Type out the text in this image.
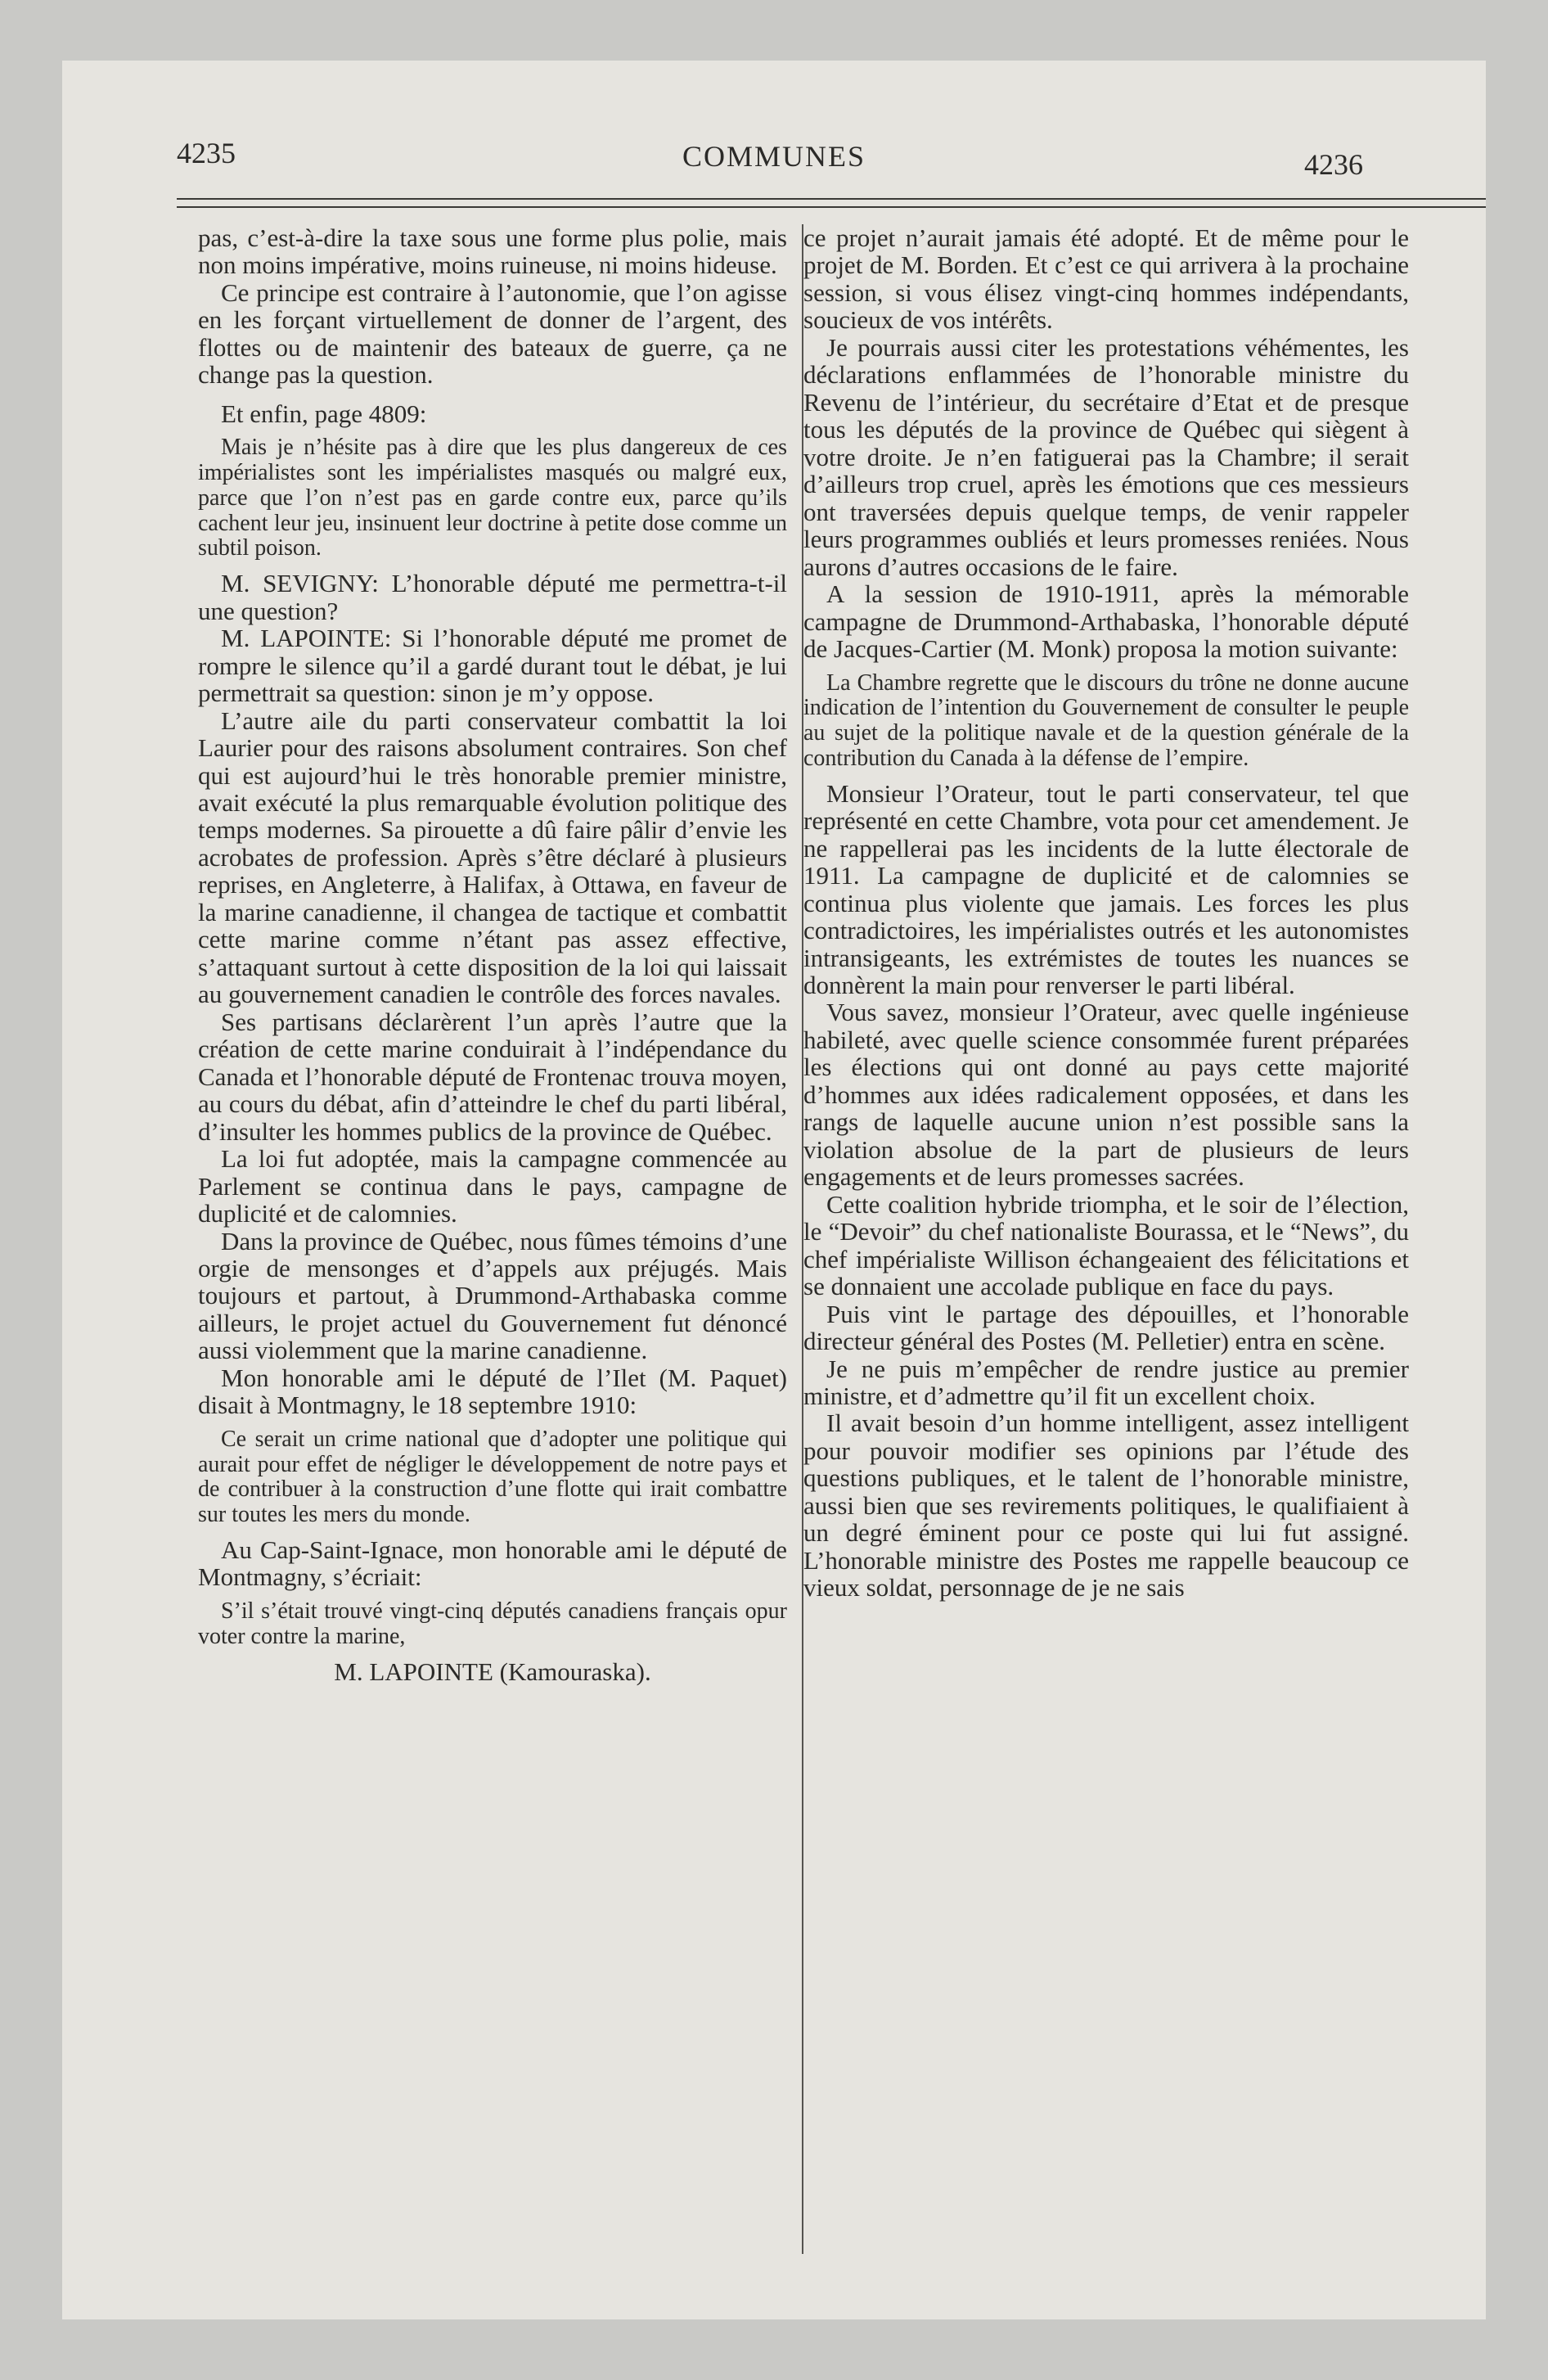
4235	COMMUNES	4236

pas, c’est-à-dire la taxe sous une forme plus polie, mais non moins impérative, moins ruineuse, ni moins hideuse.

Ce principe est contraire à l’autonomie, que l’on agisse en les forçant virtuellement de donner de l’argent, des flottes ou de maintenir des bateaux de guerre, ça ne change pas la question.

Et enfin, page 4809:

Mais je n’hésite pas à dire que les plus dangereux de ces impérialistes sont les impérialistes masqués ou malgré eux, parce que l’on n’est pas en garde contre eux, parce qu’ils cachent leur jeu, insinuent leur doctrine à petite dose comme un subtil poison.

M. SEVIGNY: L’honorable député me permettra-t-il une question?

M. LAPOINTE: Si l’honorable député me promet de rompre le silence qu’il a gardé durant tout le débat, je lui permettrait sa question: sinon je m’y oppose.

L’autre aile du parti conservateur combattit la loi Laurier pour des raisons absolument contraires. Son chef qui est aujourd’hui le très honorable premier ministre, avait exécuté la plus remarquable évolution politique des temps modernes. Sa pirouette a dû faire pâlir d’envie les acrobates de profession. Après s’être déclaré à plusieurs reprises, en Angleterre, à Halifax, à Ottawa, en faveur de la marine canadienne, il changea de tactique et combattit cette marine comme n’étant pas assez effective, s’attaquant surtout à cette disposition de la loi qui laissait au gouvernement canadien le contrôle des forces navales.

Ses partisans déclarèrent l’un après l’autre que la création de cette marine conduirait à l’indépendance du Canada et l’honorable député de Frontenac trouva moyen, au cours du débat, afin d’atteindre le chef du parti libéral, d’insulter les hommes publics de la province de Québec.

La loi fut adoptée, mais la campagne commencée au Parlement se continua dans le pays, campagne de duplicité et de calomnies.

Dans la province de Québec, nous fûmes témoins d’une orgie de mensonges et d’appels aux préjugés. Mais toujours et partout, à Drummond-Arthabaska comme ailleurs, le projet actuel du Gouvernement fut dénoncé aussi violemment que la marine canadienne.

Mon honorable ami le député de l’Ilet (M. Paquet) disait à Montmagny, le 18 septembre 1910:

Ce serait un crime national que d’adopter une politique qui aurait pour effet de négliger le développement de notre pays et de contribuer à la construction d’une flotte qui irait combattre sur toutes les mers du monde.

Au Cap-Saint-Ignace, mon honorable ami le député de Montmagny, s’écriait:

S’il s’était trouvé vingt-cinq députés canadiens français opur voter contre la marine,

M. LAPOINTE (Kamouraska).

ce projet n’aurait jamais été adopté. Et de même pour le projet de M. Borden. Et c’est ce qui arrivera à la prochaine session, si vous élisez vingt-cinq hommes indépendants, soucieux de vos intérêts.

Je pourrais aussi citer les protestations véhémentes, les déclarations enflammées de l’honorable ministre du Revenu de l’intérieur, du secrétaire d’Etat et de presque tous les députés de la province de Québec qui siègent à votre droite. Je n’en fatiguerai pas la Chambre; il serait d’ailleurs trop cruel, après les émotions que ces messieurs ont traversées depuis quelque temps, de venir rappeler leurs programmes oubliés et leurs promesses reniées. Nous aurons d’autres occasions de le faire.

A la session de 1910-1911, après la mémorable campagne de Drummond-Arthabaska, l’honorable député de Jacques-Cartier (M. Monk) proposa la motion suivante:

La Chambre regrette que le discours du trône ne donne aucune indication de l’intention du Gouvernement de consulter le peuple au sujet de la politique navale et de la question générale de la contribution du Canada à la défense de l’empire.

Monsieur l’Orateur, tout le parti conservateur, tel que représenté en cette Chambre, vota pour cet amendement. Je ne rappellerai pas les incidents de la lutte électorale de 1911. La campagne de duplicité et de calomnies se continua plus violente que jamais. Les forces les plus contradictoires, les impérialistes outrés et les autonomistes intransigeants, les extrémistes de toutes les nuances se donnèrent la main pour renverser le parti libéral.

Vous savez, monsieur l’Orateur, avec quelle ingénieuse habileté, avec quelle science consommée furent préparées les élections qui ont donné au pays cette majorité d’hommes aux idées radicalement opposées, et dans les rangs de laquelle aucune union n’est possible sans la violation absolue de la part de plusieurs de leurs engagements et de leurs promesses sacrées.

Cette coalition hybride triompha, et le soir de l’élection, le “Devoir” du chef nationaliste Bourassa, et le “News”, du chef impérialiste Willison échangeaient des félicitations et se donnaient une accolade publique en face du pays.

Puis vint le partage des dépouilles, et l’honorable directeur général des Postes (M. Pelletier) entra en scène.

Je ne puis m’empêcher de rendre justice au premier ministre, et d’admettre qu’il fit un excellent choix.

Il avait besoin d’un homme intelligent, assez intelligent pour pouvoir modifier ses opinions par l’étude des questions publiques, et le talent de l’honorable ministre, aussi bien que ses revirements politiques, le qualifiaient à un degré éminent pour ce poste qui lui fut assigné. L’honorable ministre des Postes me rappelle beaucoup ce vieux soldat, personnage de je ne sais
